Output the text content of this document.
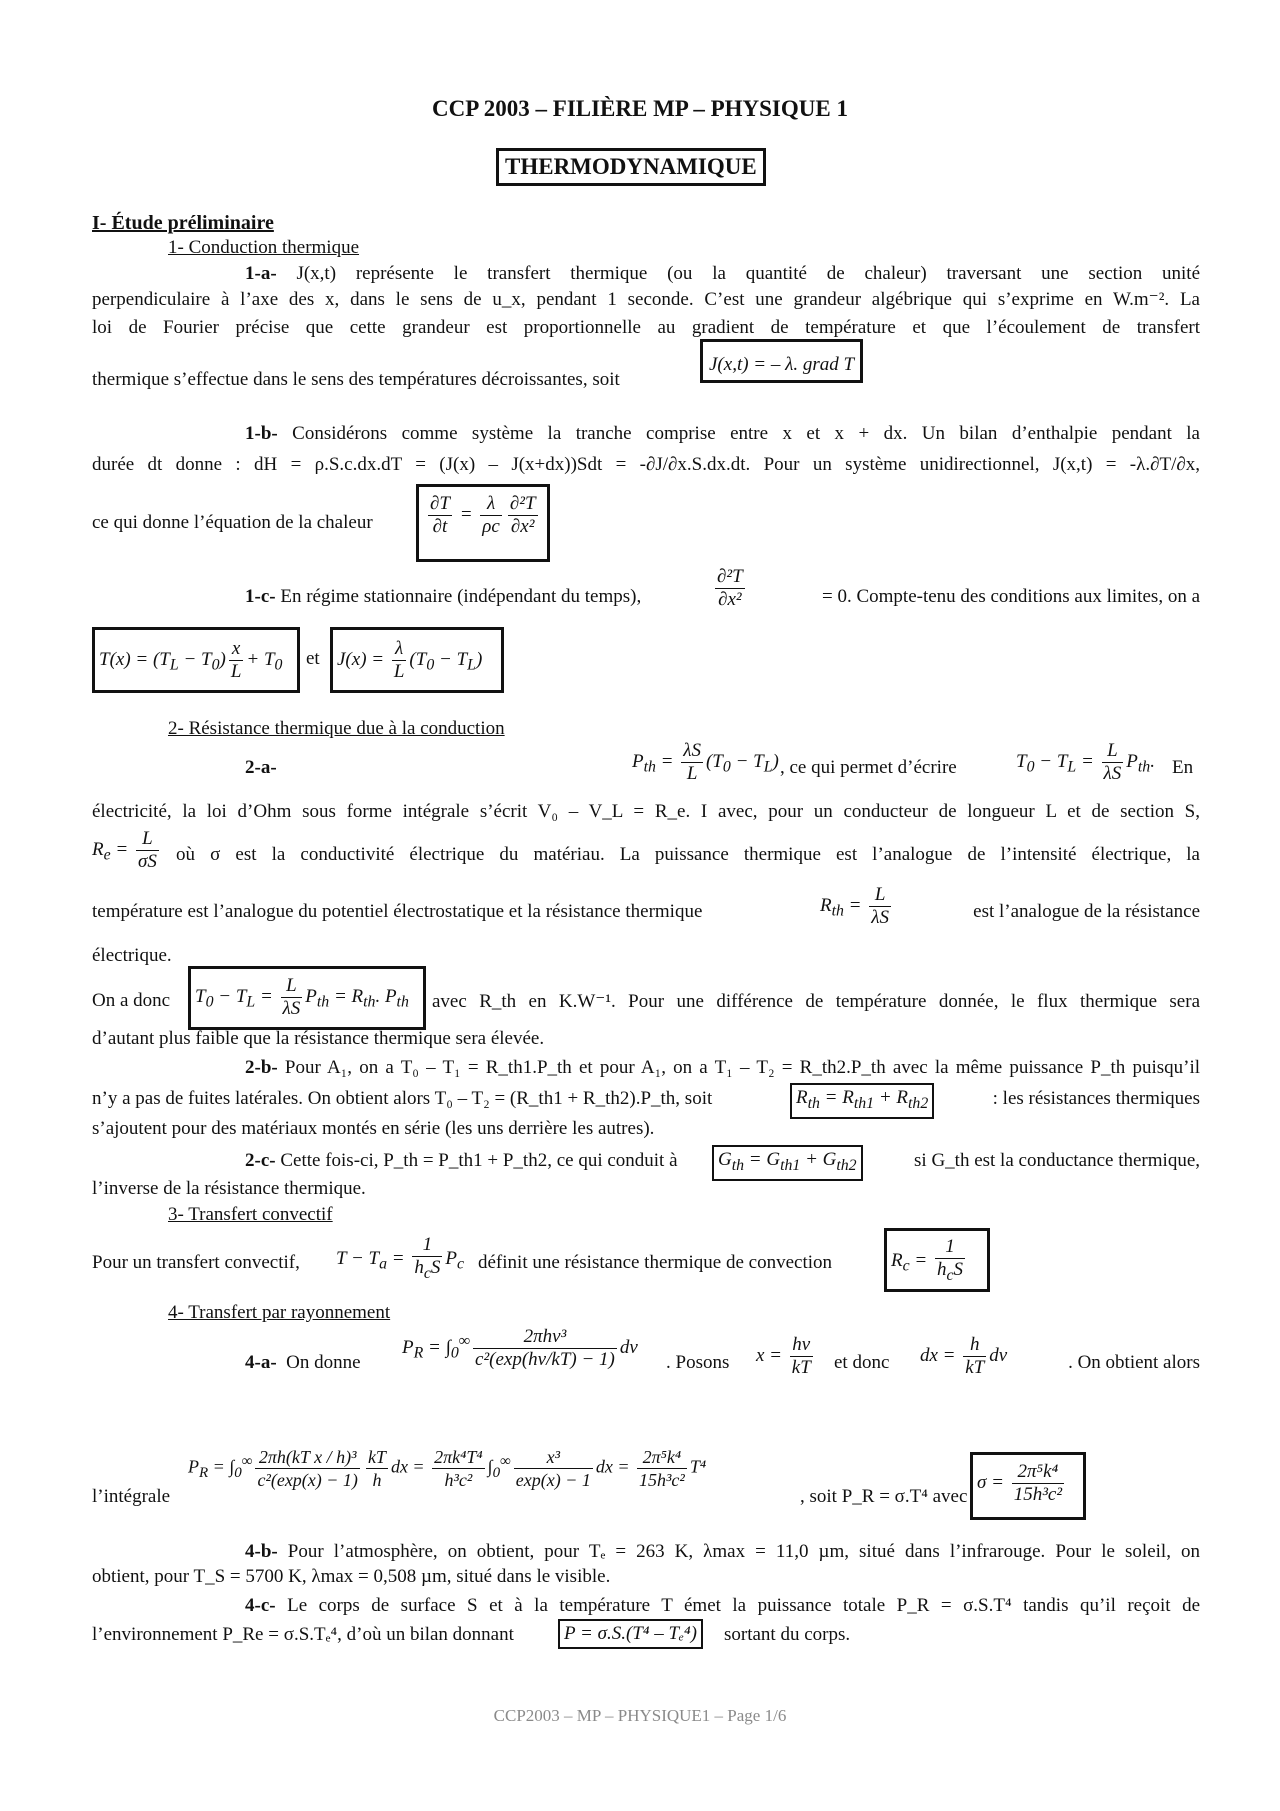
CCP 2003 – FILIÈRE MP – PHYSIQUE 1
THERMODYNAMIQUE
I- Étude préliminaire
1- Conduction thermique
1-a- J(x,t) représente le transfert thermique (ou la quantité de chaleur) traversant une section unité
perpendiculaire à l’axe des x, dans le sens de u_x, pendant 1 seconde. C’est une grandeur algébrique qui s’exprime en W.m⁻². La
loi de Fourier précise que cette grandeur est proportionnelle au gradient de température et que l’écoulement de transfert
thermique s’effectue dans le sens des températures décroissantes, soit
J(x,t) = – λ. grad T
1-b- Considérons comme système la tranche comprise entre x et x + dx. Un bilan d’enthalpie pendant la
durée dt donne : dH = ρ.S.c.dx.dT = (J(x) – J(x+dx))Sdt = -∂J/∂x.S.dx.dt. Pour un système unidirectionnel, J(x,t) = -λ.∂T/∂x,
ce qui donne l’équation de la chaleur	$\frac{\partial T}{\partial t} = \frac{\lambda}{\rho c} \frac{\text{∂²T}}{\text{∂x²}}$
1-c- En régime stationnaire (indépendant du temps),	$\frac{\text{∂²T}}{\text{∂x²}}$	= 0. Compte-tenu des conditions aux limites, on a
$T(x) = (T_L - T_0) \frac{x}{L} + T_0$ et $J(x) = \frac{\lambda}{L} (T_0 - T_L)$
2- Résistance thermique due à la conduction
2-a-	$P_{th} = \frac{\lambda S}{L} (T_0 - T_L)$ , ce qui permet d’écrire	$T_0 - T_L = \frac{L}{\lambda S} P_{th}$. En
électricité, la loi d’Ohm sous forme intégrale s’écrit V₀ – V_L = R_e. I avec, pour un conducteur de longueur L et de section S,
$R_e = \frac{L}{\sigma S}$ où σ est la conductivité électrique du matériau. La puissance thermique est l’analogue de l’intensité électrique, la
température est l’analogue du potentiel électrostatique et la résistance thermique	$R_{th} = \frac{L}{\lambda S}$	est l’analogue de la résistance
électrique.
On a donc $T_0 - T_L = \frac{L}{\lambda S} P_{th} = R_{th}$. $P_{th}$ avec R_th en K.W⁻¹. Pour une différence de température donnée, le flux thermique sera
d’autant plus faible que la résistance thermique sera élevée.
2-b- Pour A₁, on a T₀ – T₁ = R_th1.P_th et pour A₁, on a T₁ – T₂ = R_th2.P_th avec la même puissance P_th puisqu’il
n’y a pas de fuites latérales. On obtient alors T₀ – T₂ = (R_th1 + R_th2).P_th, soit	$R_{th} = R_{th1} + R_{th2}$	: les résistances thermiques
s’ajoutent pour des matériaux montés en série (les uns derrière les autres).
2-c- Cette fois-ci, P_th = P_th1 + P_th2, ce qui conduit à	$G_{th} = G_{th1} + G_{th2}$	si G_th est la conductance thermique,
l’inverse de la résistance thermique.
3- Transfert convectif
Pour un transfert convectif, $T - T_a = \frac{1}{h_cS} P_c$ définit une résistance thermique de convection	$R_c = \frac{1}{h_cS}$
4- Transfert par rayonnement
4-a- On donne
$P_R = \int_0^\infty \frac{\text{2πhν³}}{\text{c²(exp(hν/kT) − 1)}}$ dν
. Posons $x = \frac{h\nu}{kT}$ et donc dx = $\frac{h}{kT}$ dν	. On obtient alors
l’intégrale
$P_R = \int_0^\infty \frac{\text{2πh(kT x / h)³}}{\text{c²(exp(x) − 1)}} \frac{kT}{h}$ dx = $\frac{\text{2πk⁴T⁴}}{\text{h³c²}} \int_0^\infty \frac{\text{x³}}{\exp(x) - 1}$ dx = $\frac{\text{2π⁵k⁴}}{\text{15h³c²}} T^4$
, soit P_R = σ.T⁴ avec
$\sigma = \frac{\text{2π⁵k⁴}}{\text{15h³c²}}$
4-b- Pour l’atmosphère, on obtient, pour Tₑ = 263 K, λmax = 11,0 µm, situé dans l’infrarouge. Pour le soleil, on
obtient, pour T_S = 5700 K, λmax = 0,508 µm, situé dans le visible.
4-c- Le corps de surface S et à la température T émet la puissance totale P_R = σ.S.T⁴ tandis qu’il reçoit de
l’environnement P_Re = σ.S.Tₑ⁴, d’où un bilan donnant	P = σ.S.(T⁴ – Tₑ⁴)	sortant du corps.
CCP2003 – MP – PHYSIQUE1 – Page 1/6
